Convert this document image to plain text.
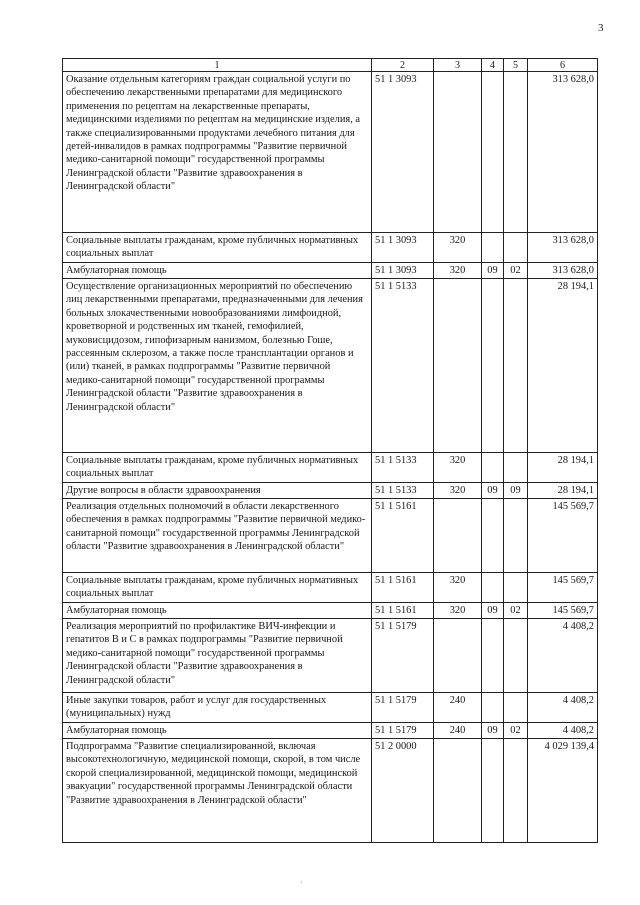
3
1	2	3	4	5	6
Оказание отдельным категориям граждан социальной услуги по обеспечению лекарственными препаратами для медицинского применения по рецептам на лекарственные препараты, медицинскими изделиями по рецептам на медицинские изделия, а также специализированными продуктами лечебного питания для детей-инвалидов в рамках подпрограммы "Развитие первичной медико-санитарной помощи" государственной программы Ленинградской области "Развитие здравоохранения в Ленинградской области"	51 1 3093				313 628,0
Социальные выплаты гражданам, кроме публичных нормативных социальных выплат	51 1 3093	320			313 628,0
Амбулаторная помощь	51 1 3093	320	09	02	313 628,0
Осуществление организационных мероприятий по обеспечению лиц лекарственными препаратами, предназначенными для лечения больных злокачественными новообразованиями лимфоидной, кроветворной и родственных им тканей, гемофилией, муковисцидозом, гипофизарным нанизмом, болезнью Гоше, рассеянным склерозом, а также после трансплантации органов и (или) тканей, в рамках подпрограммы "Развитие первичной медико-санитарной помощи" государственной программы Ленинградской области "Развитие здравоохранения в Ленинградской области"	51 1 5133				28 194,1
Социальные выплаты гражданам, кроме публичных нормативных социальных выплат	51 1 5133	320			28 194,1
Другие вопросы в области здравоохранения	51 1 5133	320	09	09	28 194,1
Реализация отдельных полномочий в области лекарственного обеспечения в рамках подпрограммы "Развитие первичной медико-санитарной помощи" государственной программы Ленинградской области "Развитие здравоохранения в Ленинградской области"	51 1 5161				145 569,7
Социальные выплаты гражданам, кроме публичных нормативных социальных выплат	51 1 5161	320			145 569,7
Амбулаторная помощь	51 1 5161	320	09	02	145 569,7
Реализация мероприятий по профилактике ВИЧ-инфекции и гепатитов B и C в рамках подпрограммы "Развитие первичной медико-санитарной помощи" государственной программы Ленинградской области "Развитие здравоохранения в Ленинградской области"	51 1 5179				4 408,2
Иные закупки товаров, работ и услуг для государственных (муниципальных) нужд	51 1 5179	240			4 408,2
Амбулаторная помощь	51 1 5179	240	09	02	4 408,2
Подпрограмма "Развитие специализированной, включая высокотехнологичную, медицинской помощи, скорой, в том числе скорой специализированной, медицинской помощи, медицинской эвакуации" государственной программы Ленинградской области "Развитие здравоохранения в Ленинградской области"	51 2 0000				4 029 139,4
·
